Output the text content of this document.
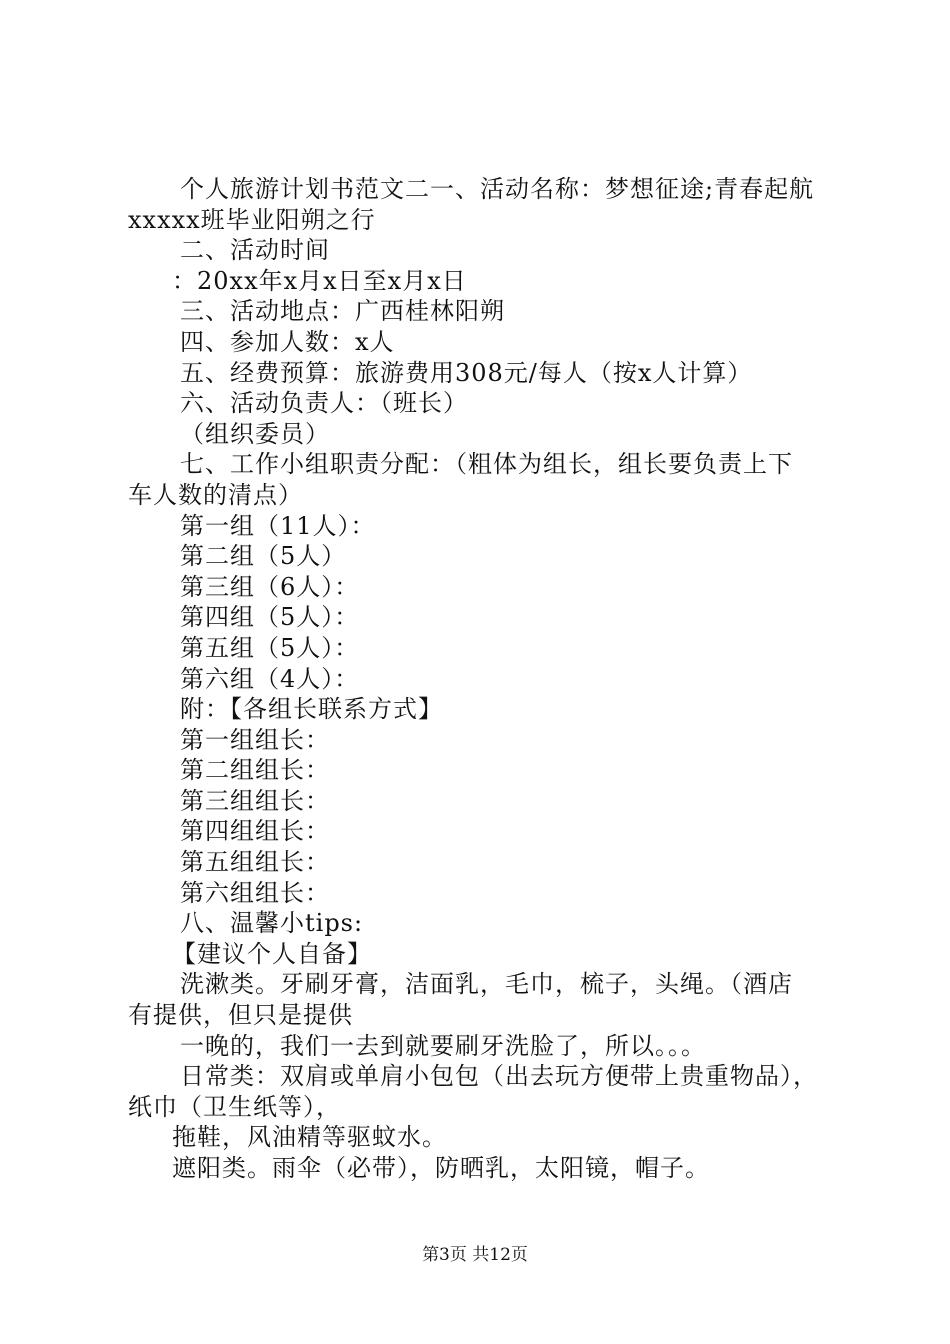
个人旅游计划书范文二一、活动名称：梦想征途;青春起航
xxxxx班毕业阳朔之行
二、活动时间
：20xx年x月x日至x月x日
三、活动地点：广西桂林阳朔
四、参加人数：x人
五、经费预算：旅游费用308元/每人（按x人计算）
六、活动负责人：（班长）
（组织委员）
七、工作小组职责分配：（粗体为组长，组长要负责上下
车人数的清点）
第一组（11人）：
第二组（5人）
第三组（6人）：
第四组（5人）：
第五组（5人）：
第六组（4人）：
附：【各组长联系方式】
第一组组长：
第二组组长：
第三组组长：
第四组组长：
第五组组长：
第六组组长：
八、温馨小tips:
【建议个人自备】
洗漱类。牙刷牙膏，洁面乳，毛巾，梳子，头绳。（酒店
有提供，但只是提供
一晚的，我们一去到就要刷牙洗脸了，所以。。。
日常类：双肩或单肩小包包（出去玩方便带上贵重物品），
纸巾（卫生纸等），
拖鞋，风油精等驱蚊水。
遮阳类。雨伞（必带），防晒乳，太阳镜，帽子。
第3页 共12页
